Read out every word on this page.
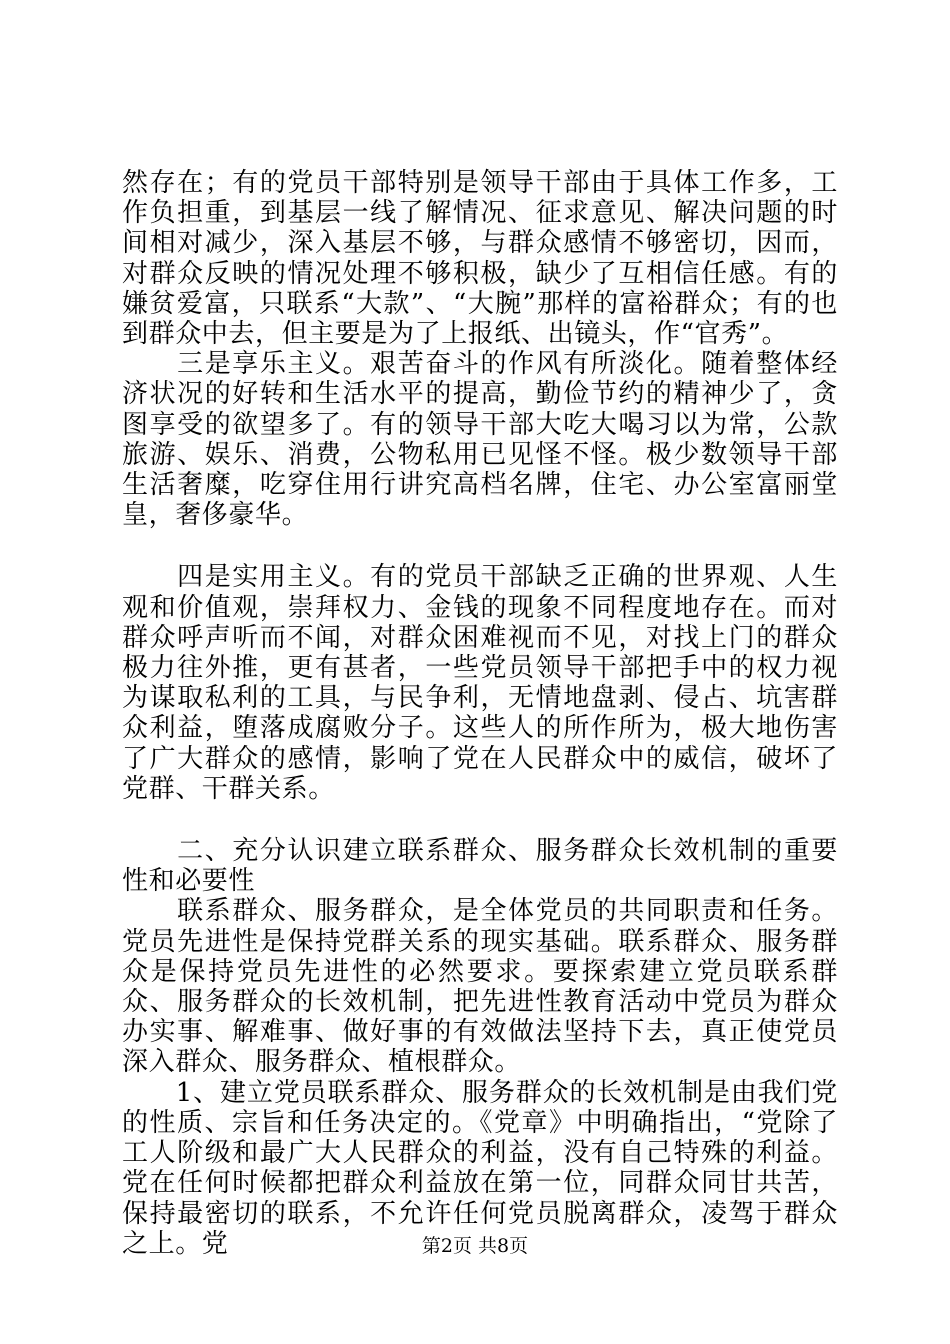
然存在；有的党员干部特别是领导干部由于具体工作多，工作负担重，到基层一线了解情况、征求意见、解决问题的时间相对减少，深入基层不够，与群众感情不够密切，因而，对群众反映的情况处理不够积极，缺少了互相信任感。有的嫌贫爱富，只联系“大款”、“大腕”那样的富裕群众；有的也到群众中去，但主要是为了上报纸、出镜头，作“官秀”。

　　三是享乐主义。艰苦奋斗的作风有所淡化。随着整体经济状况的好转和生活水平的提高，勤俭节约的精神少了，贪图享受的欲望多了。有的领导干部大吃大喝习以为常，公款旅游、娱乐、消费，公物私用已见怪不怪。极少数领导干部生活奢糜，吃穿住用行讲究高档名牌，住宅、办公室富丽堂皇，奢侈豪华。

　　四是实用主义。有的党员干部缺乏正确的世界观、人生观和价值观，崇拜权力、金钱的现象不同程度地存在。而对群众呼声听而不闻，对群众困难视而不见，对找上门的群众极力往外推，更有甚者，一些党员领导干部把手中的权力视为谋取私利的工具，与民争利，无情地盘剥、侵占、坑害群众利益，堕落成腐败分子。这些人的所作所为，极大地伤害了广大群众的感情，影响了党在人民群众中的威信，破坏了党群、干群关系。

　　二、充分认识建立联系群众、服务群众长效机制的重要性和必要性

　　联系群众、服务群众，是全体党员的共同职责和任务。党员先进性是保持党群关系的现实基础。联系群众、服务群众是保持党员先进性的必然要求。要探索建立党员联系群众、服务群众的长效机制，把先进性教育活动中党员为群众办实事、解难事、做好事的有效做法坚持下去，真正使党员深入群众、服务群众、植根群众。

　　1、建立党员联系群众、服务群众的长效机制是由我们党的性质、宗旨和任务决定的。《党章》中明确指出，“党除了工人阶级和最广大人民群众的利益，没有自己特殊的利益。党在任何时候都把群众利益放在第一位，同群众同甘共苦，保持最密切的联系，不允许任何党员脱离群众，凌驾于群众之上。党	第2页 共8页
